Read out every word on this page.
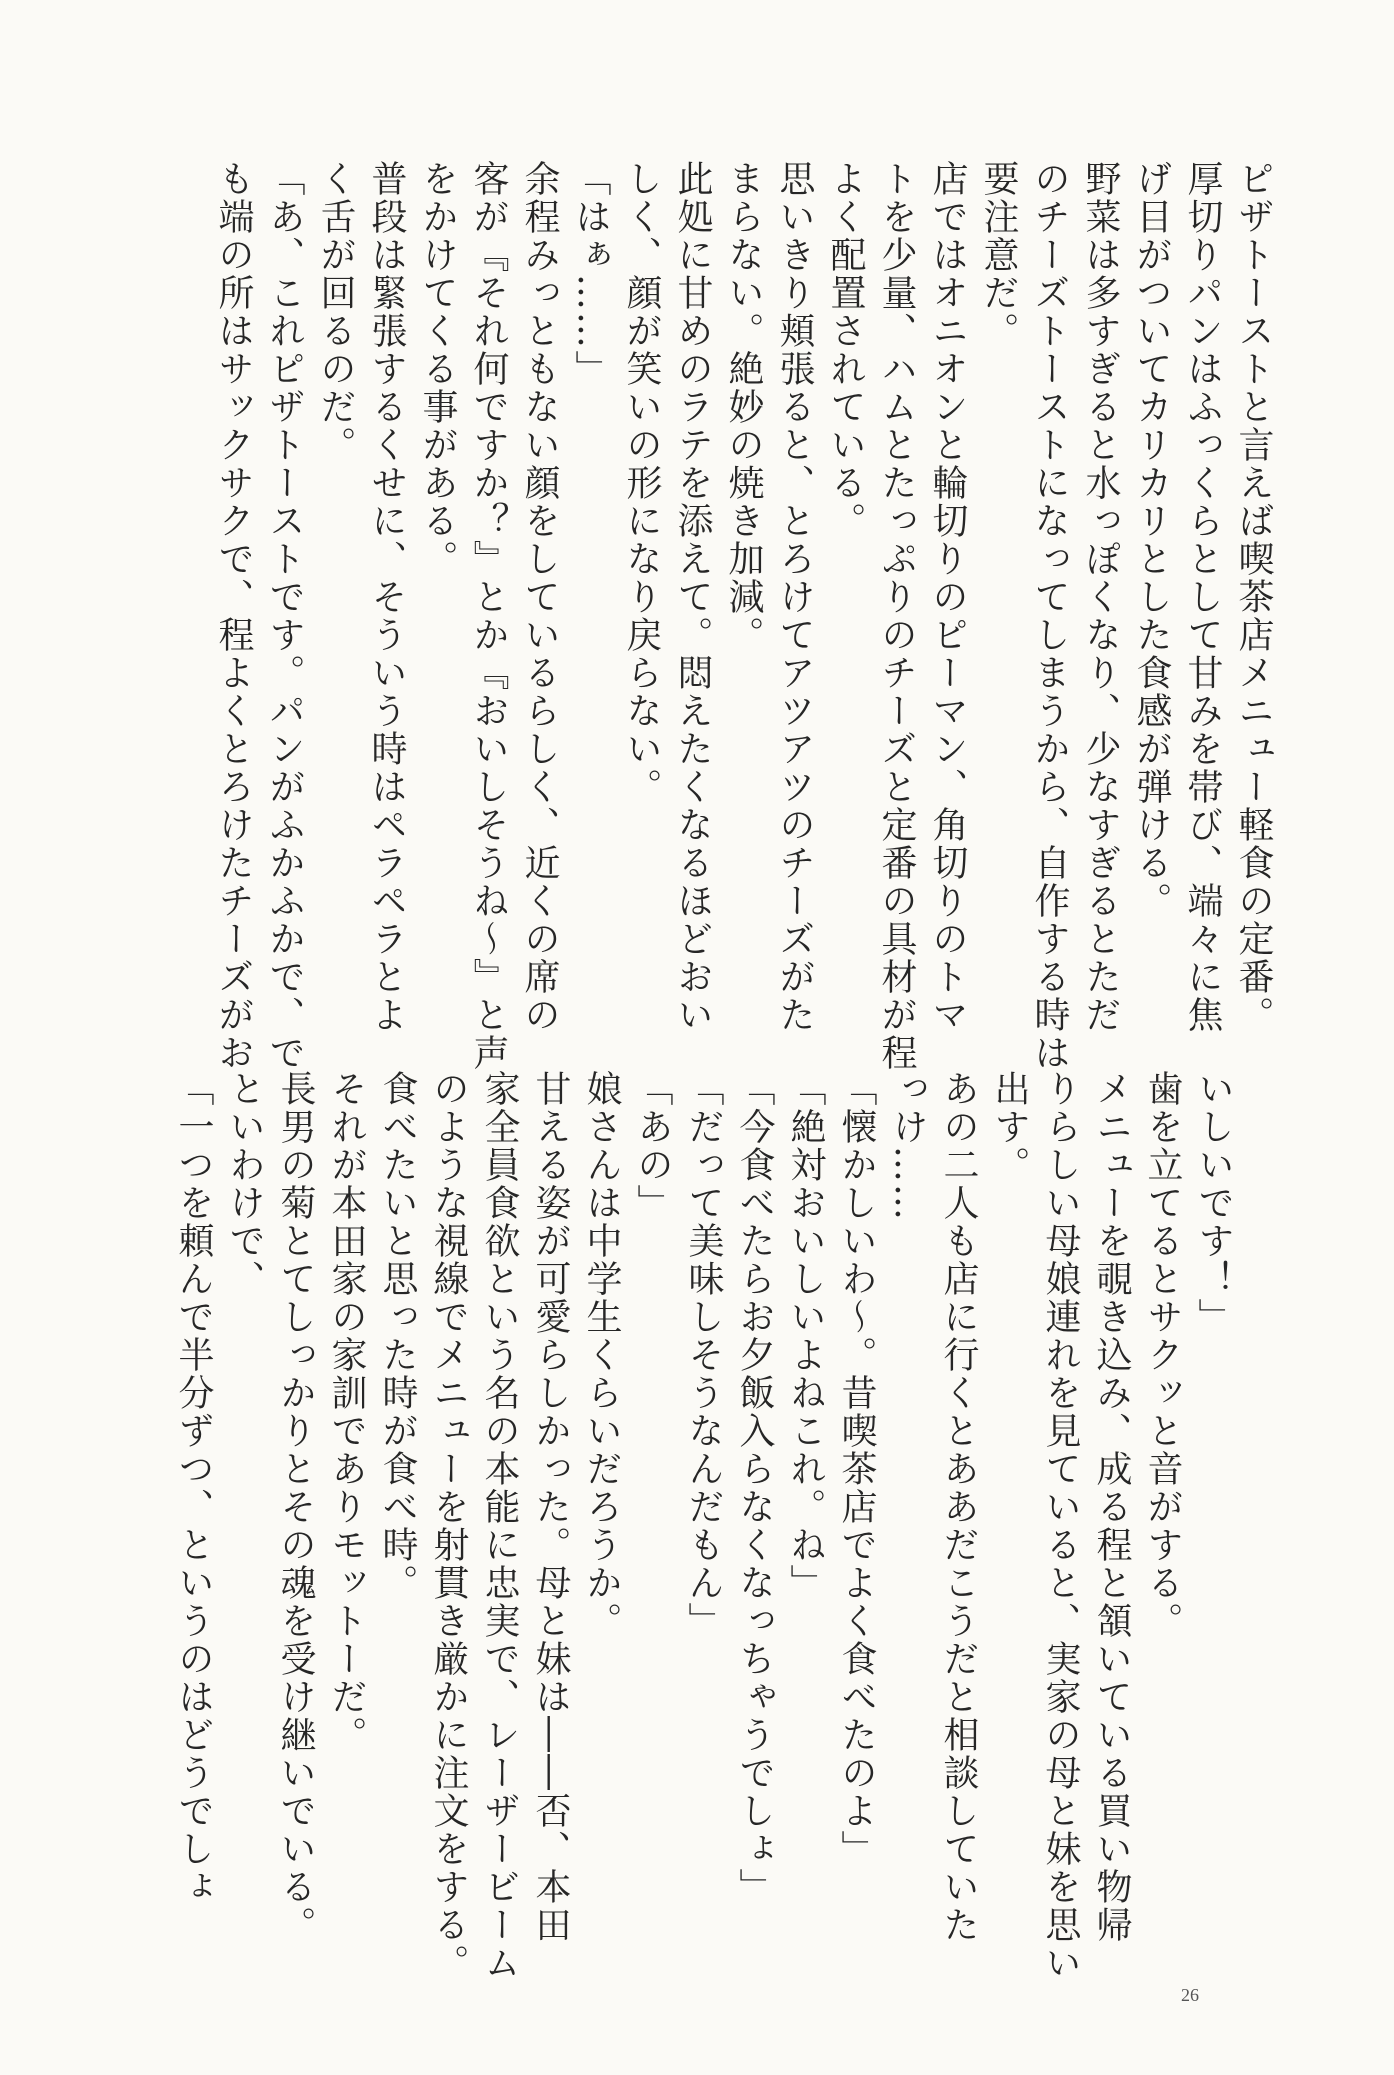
ピザトーストと言えば喫茶店メニュー軽食の定番。
厚切りパンはふっくらとして甘みを帯び、端々に焦
げ目がついてカリカリとした食感が弾ける。
野菜は多すぎると水っぽくなり、少なすぎるとただ
のチーズトーストになってしまうから、自作する時は
要注意だ。
店ではオニオンと輪切りのピーマン、角切りのトマ
トを少量、ハムとたっぷりのチーズと定番の具材が程
よく配置されている。
思いきり頬張ると、とろけてアツアツのチーズがた
まらない。絶妙の焼き加減。
此処に甘めのラテを添えて。悶えたくなるほどおい
しく、顔が笑いの形になり戻らない。
「はぁ……」
余程みっともない顔をしているらしく、近くの席の
客が『それ何ですか？』とか『おいしそうね～』と声
をかけてくる事がある。
普段は緊張するくせに、そういう時はペラペラとよ
く舌が回るのだ。
「あ、これピザトーストです。パンがふかふかで、で
も端の所はサックサクで、程よくとろけたチーズがお
いしいです！」
歯を立てるとサクッと音がする。
メニューを覗き込み、成る程と頷いている買い物帰
りらしい母娘連れを見ていると、実家の母と妹を思い
出す。
あの二人も店に行くとああだこうだと相談していた
っけ……
「懐かしいわ～。昔喫茶店でよく食べたのよ」
「絶対おいしいよねこれ。ね」
「今食べたらお夕飯入らなくなっちゃうでしょ」
「だって美味しそうなんだもん」
「あの」
娘さんは中学生くらいだろうか。
甘える姿が可愛らしかった。母と妹は――否、本田
家全員食欲という名の本能に忠実で、レーザービーム
のような視線でメニューを射貫き厳かに注文をする。
食べたいと思った時が食べ時。
それが本田家の家訓でありモットーだ。
長男の菊とてしっかりとその魂を受け継いでいる。
といわけで、
「一つを頼んで半分ずつ、というのはどうでしょ
26
